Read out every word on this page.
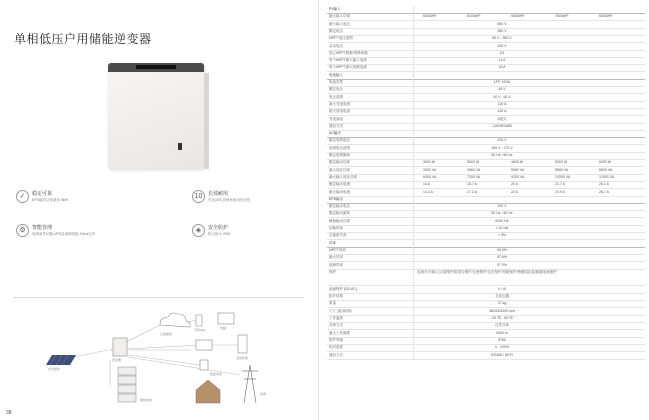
单相低压户用储能逆变器
✓	稳定可靠
EPS输出功率最高 6kW	10	长效耐用
长达10年质保家庭用电无忧
⚙	智能管理
电网离并切换 UPS及离网切换 10ms以内	◈	安全防护
防尘防水 IP65
云端监控
手机App	电脑
光伏组件
逆变器
储能电池
家庭负载
智能电表
电网
38
PV输入
最大输入功率	6000WP	8100WP	9600WP	7600WP	6000WP
最大输入电压	550 V
额定电压	360 V
MPPT电压范围	80 V - 550 V
启动电压	100 V
独立MPPT路数/每路串数	2/1
每个MPPT最大输入电流	14 A
每个MPPT最大短路电流	18 A
电池输入
电池类型	LFP, NCM
额定电压	48 V
电压范围	40 V - 60 V
最大充电电流	120 A
最大放电电流	120 A
充电曲线	3段式
通信方式	CAN/RS485
AC输出
额定电网电压	230 V
电网电压范围	180 V - 270 V
额定电网频率	50 Hz / 60 Hz
额定输出功率	3000 W	3600 W	4600 W	5000 W	6000 W
最大视在功率	3300 VA	3960 VA	5060 VA	5500 VA	6600 VA
最大输入视在功率	6000 VA	7200 VA	9200 VA	10000 VA	12000 VA
额定输出电流	13 A	15.7 A	20 A	21.7 A	26.1 A
最大输出电流	14.3 A	17.2 A	22 A	23.9 A	28.7 A
EPS输出
额定输出电压	230 V
额定输出频率	50 Hz / 60 Hz
峰值输出功率	6000 VA
切换时间	< 10 ms
总谐波失真	< 3%
效率
MPPT效率	99.9%
最大效率	97.6%
欧洲效率	97.0%
保护	直流开关/输入反接保护/防孤岛保护/过流保护/过压保护/短路保护/绝缘阻抗检测/漏电流保护
浪涌保护 (DC/AC)	II / III
拓扑结构	无变压器
重量	27 kg
尺寸 (宽/高/厚)	482/453/150 mm
工作温度	-25 ℃ - 60 ℃
冷却方式	自然冷却
最大工作海拔	4000 m
防护等级	IP65
相对湿度	0 - 100%
通信方式	RS485 / Wi-Fi
